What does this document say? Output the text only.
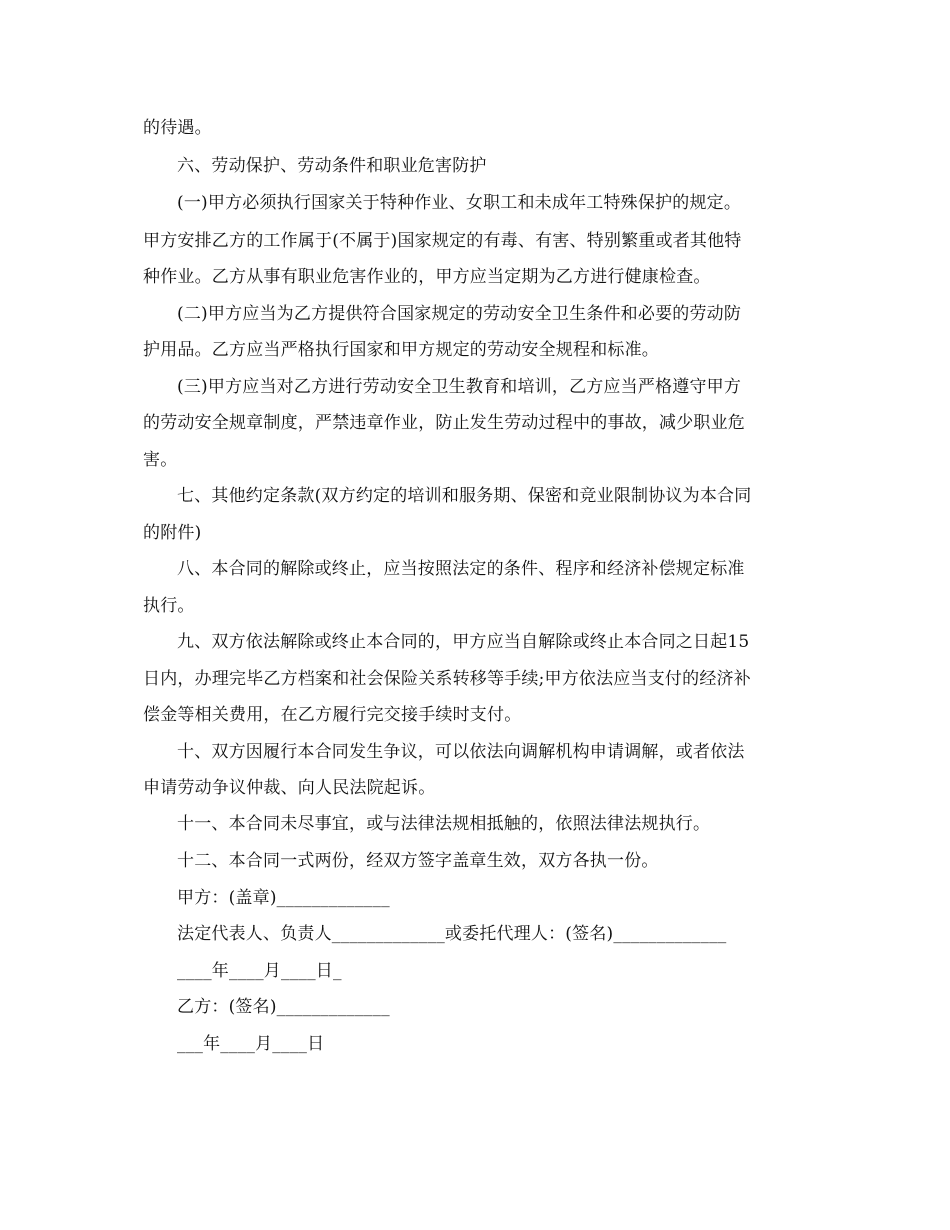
的待遇。
六、劳动保护、劳动条件和职业危害防护
(一)甲方必须执行国家关于特种作业、女职工和未成年工特殊保护的规定。
甲方安排乙方的工作属于(不属于)国家规定的有毒、有害、特别繁重或者其他特
种作业。乙方从事有职业危害作业的，甲方应当定期为乙方进行健康检查。
(二)甲方应当为乙方提供符合国家规定的劳动安全卫生条件和必要的劳动防
护用品。乙方应当严格执行国家和甲方规定的劳动安全规程和标准。
(三)甲方应当对乙方进行劳动安全卫生教育和培训，乙方应当严格遵守甲方
的劳动安全规章制度，严禁违章作业，防止发生劳动过程中的事故，减少职业危
害。
七、其他约定条款(双方约定的培训和服务期、保密和竞业限制协议为本合同
的附件)
八、本合同的解除或终止，应当按照法定的条件、程序和经济补偿规定标准
执行。
九、双方依法解除或终止本合同的，甲方应当自解除或终止本合同之日起15
日内，办理完毕乙方档案和社会保险关系转移等手续;甲方依法应当支付的经济补
偿金等相关费用，在乙方履行完交接手续时支付。
十、双方因履行本合同发生争议，可以依法向调解机构申请调解，或者依法
申请劳动争议仲裁、向人民法院起诉。
十一、本合同未尽事宜，或与法律法规相抵触的，依照法律法规执行。
十二、本合同一式两份，经双方签字盖章生效，双方各执一份。
甲方：(盖章)_____________
法定代表人、负责人_____________或委托代理人：(签名)_____________
____年____月____日_
乙方：(签名)_____________
___年____月____日
